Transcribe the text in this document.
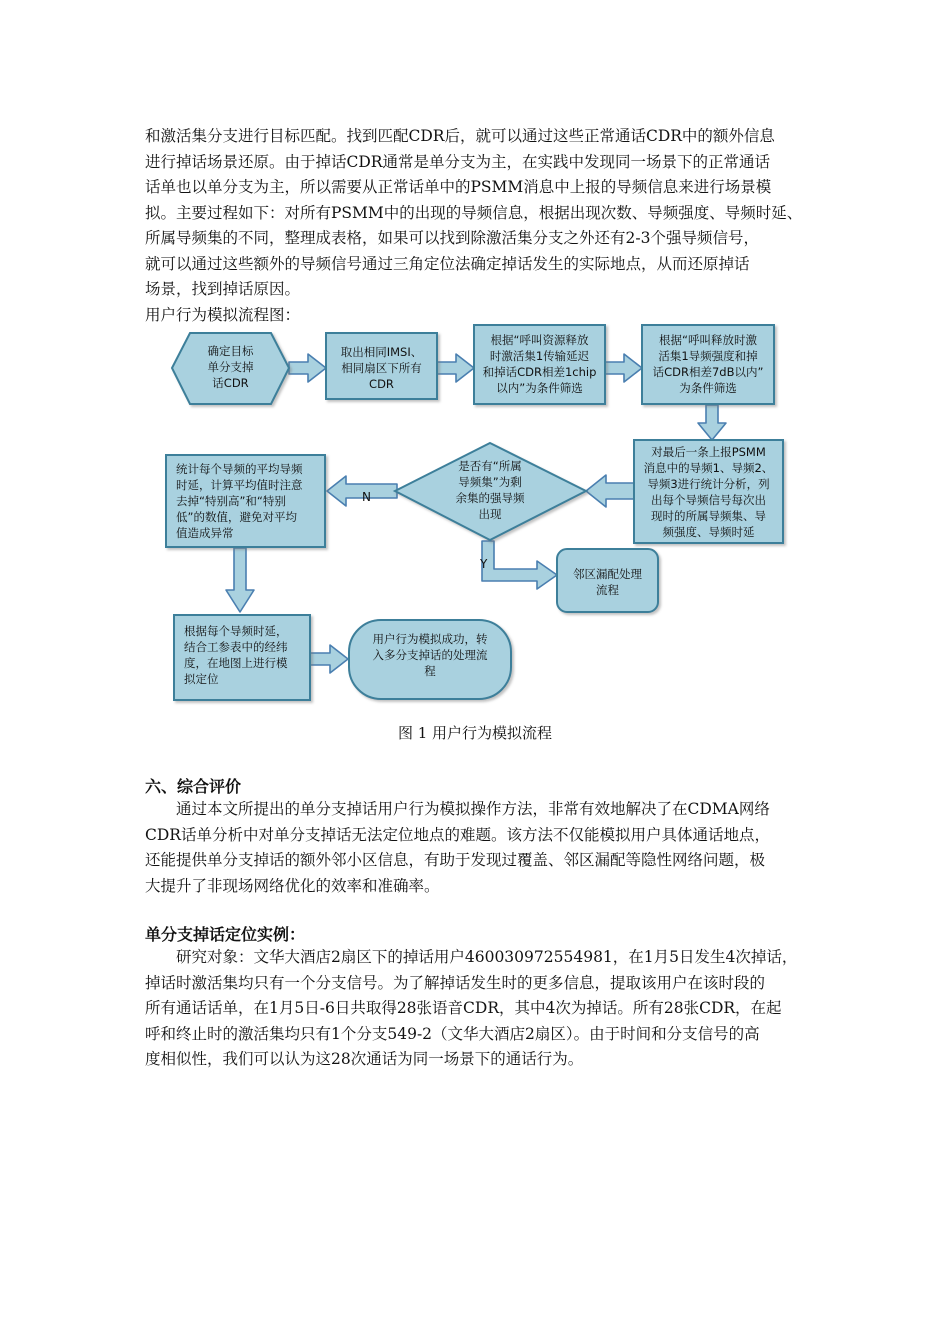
和激活集分支进行目标匹配。找到匹配CDR后，就可以通过这些正常通话CDR中的额外信息
进行掉话场景还原。由于掉话CDR通常是单分支为主，在实践中发现同一场景下的正常通话
话单也以单分支为主，所以需要从正常话单中的PSMM消息中上报的导频信息来进行场景模
拟。主要过程如下：对所有PSMM中的出现的导频信息，根据出现次数、导频强度、导频时延、
所属导频集的不同，整理成表格，如果可以找到除激活集分支之外还有2-3个强导频信号，
就可以通过这些额外的导频信号通过三角定位法确定掉话发生的实际地点，从而还原掉话
场景，找到掉话原因。
用户行为模拟流程图：
确定目标
单分支掉
话CDR
取出相同IMSI、
相同扇区下所有
CDR
根据“呼叫资源释放
时激活集1传输延迟
和掉话CDR相差1chip
以内”为条件筛选
根据“呼叫释放时激
活集1导频强度和掉
话CDR相差7dB以内”
为条件筛选
对最后一条上报PSMM
消息中的导频1、导频2、
导频3进行统计分析，列
出每个导频信号每次出
现时的所属导频集、导
频强度、导频时延
是否有“所属
导频集”为剩
余集的强导频
出现
N
Y
统计每个导频的平均导频
时延，计算平均值时注意
去掉“特别高”和“特别
低”的数值，避免对平均
值造成异常
邻区漏配处理
流程
根据每个导频时延，
结合工参表中的经纬
度，在地图上进行模
拟定位
用户行为模拟成功，转
入多分支掉话的处理流
程
图 1 用户行为模拟流程
六、综合评价
　　通过本文所提出的单分支掉话用户行为模拟操作方法，非常有效地解决了在CDMA网络
CDR话单分析中对单分支掉话无法定位地点的难题。该方法不仅能模拟用户具体通话地点，
还能提供单分支掉话的额外邻小区信息，有助于发现过覆盖、邻区漏配等隐性网络问题，极
大提升了非现场网络优化的效率和准确率。
单分支掉话定位实例：
　　研究对象：文华大酒店2扇区下的掉话用户460030972554981，在1月5日发生4次掉话，
掉话时激活集均只有一个分支信号。为了解掉话发生时的更多信息，提取该用户在该时段的
所有通话话单，在1月5日-6日共取得28张语音CDR，其中4次为掉话。所有28张CDR，在起
呼和终止时的激活集均只有1个分支549-2（文华大酒店2扇区）。由于时间和分支信号的高
度相似性，我们可以认为这28次通话为同一场景下的通话行为。
